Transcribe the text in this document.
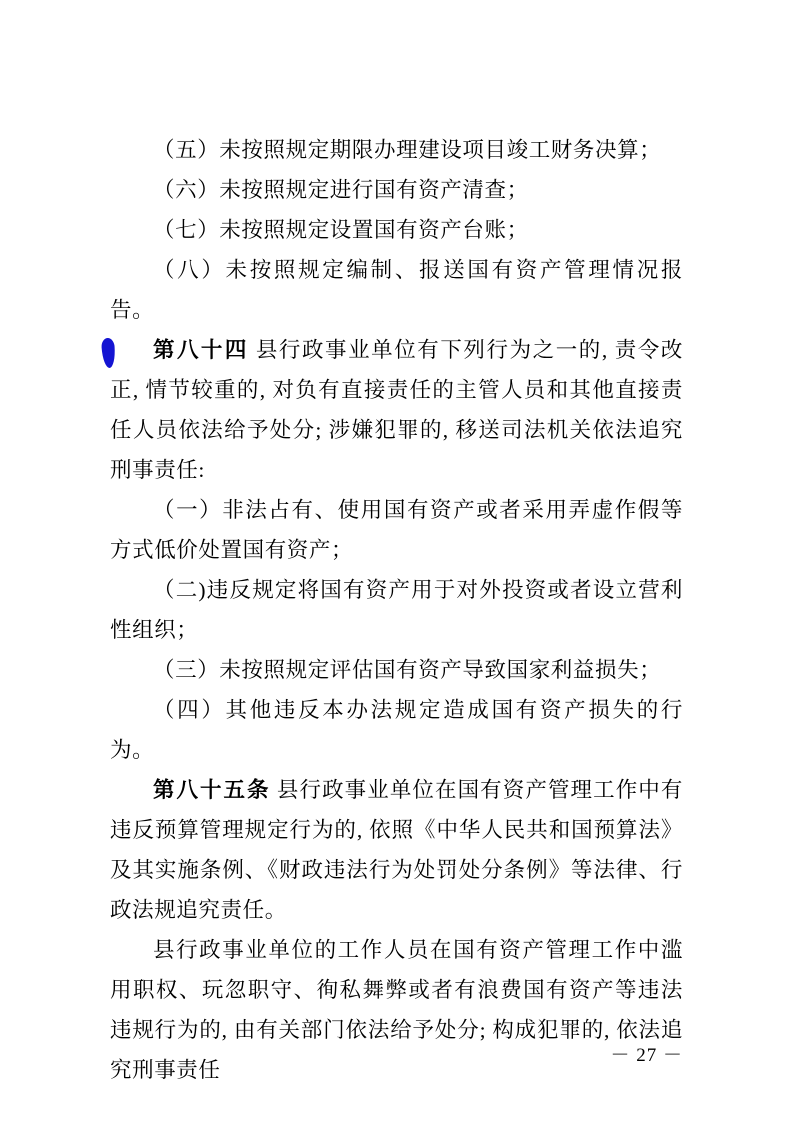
（五）未按照规定期限办理建设项目竣工财务决算；

（六）未按照规定进行国有资产清查；

（七）未按照规定设置国有资产台账；

（八）未按照规定编制、报送国有资产管理情况报告。

第八十四 县行政事业单位有下列行为之一的, 责令改正, 情节较重的, 对负有直接责任的主管人员和其他直接责任人员依法给予处分; 涉嫌犯罪的, 移送司法机关依法追究刑事责任:

（一）非法占有、使用国有资产或者采用弄虚作假等方式低价处置国有资产；

（二)违反规定将国有资产用于对外投资或者设立营利性组织；

（三）未按照规定评估国有资产导致国家利益损失；

（四）其他违反本办法规定造成国有资产损失的行为。

第八十五条 县行政事业单位在国有资产管理工作中有违反预算管理规定行为的, 依照《中华人民共和国预算法》及其实施条例、《财政违法行为处罚处分条例》等法律、行政法规追究责任。

县行政事业单位的工作人员在国有资产管理工作中滥用职权、玩忽职守、徇私舞弊或者有浪费国有资产等违法违规行为的, 由有关部门依法给予处分; 构成犯罪的, 依法追究刑事责任

－ 27 －
